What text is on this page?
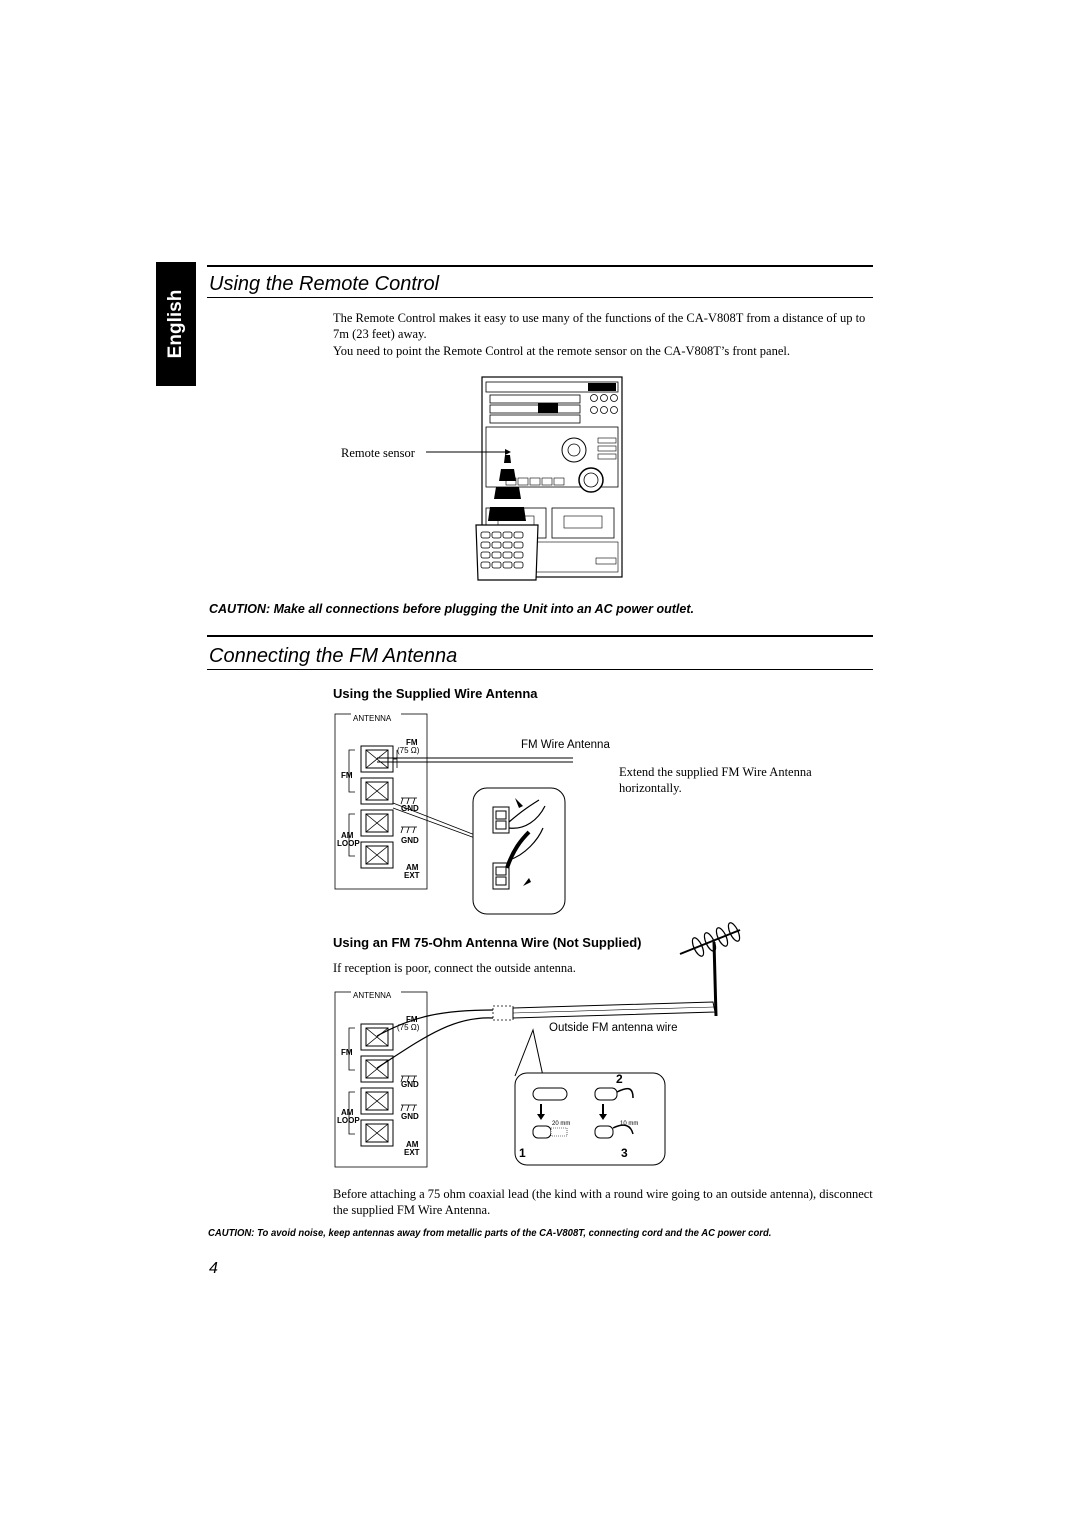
English
Using the Remote Control
The Remote Control makes it easy to use many of the functions of the CA-V808T from a distance of up to 7m (23 feet) away.
You need to point the Remote Control at the remote sensor on the CA-V808T’s front panel.
Remote sensor
CAUTION: Make all connections before plugging the Unit into an AC power outlet.
Connecting the FM Antenna
Using the Supplied Wire Antenna
ANTENNA
FM
(75 Ω)
FM
GND
AM
LOOP	GND
AM
EXT
FM Wire Antenna
Extend the supplied FM Wire Antenna horizontally.
Using an FM 75-Ohm Antenna Wire (Not Supplied)
If reception is poor, connect the outside antenna.
ANTENNA
FM
(75 Ω)
FM
GND
AM
LOOP	GND
AM
EXT
Outside FM antenna wire
2
1	3
20 mm	10 mm
Before attaching a 75 ohm coaxial lead (the kind with a round wire going to an outside antenna), disconnect the supplied FM Wire Antenna.
CAUTION: To avoid noise, keep antennas away from metallic parts of the CA-V808T, connecting cord and the AC power cord.
4
